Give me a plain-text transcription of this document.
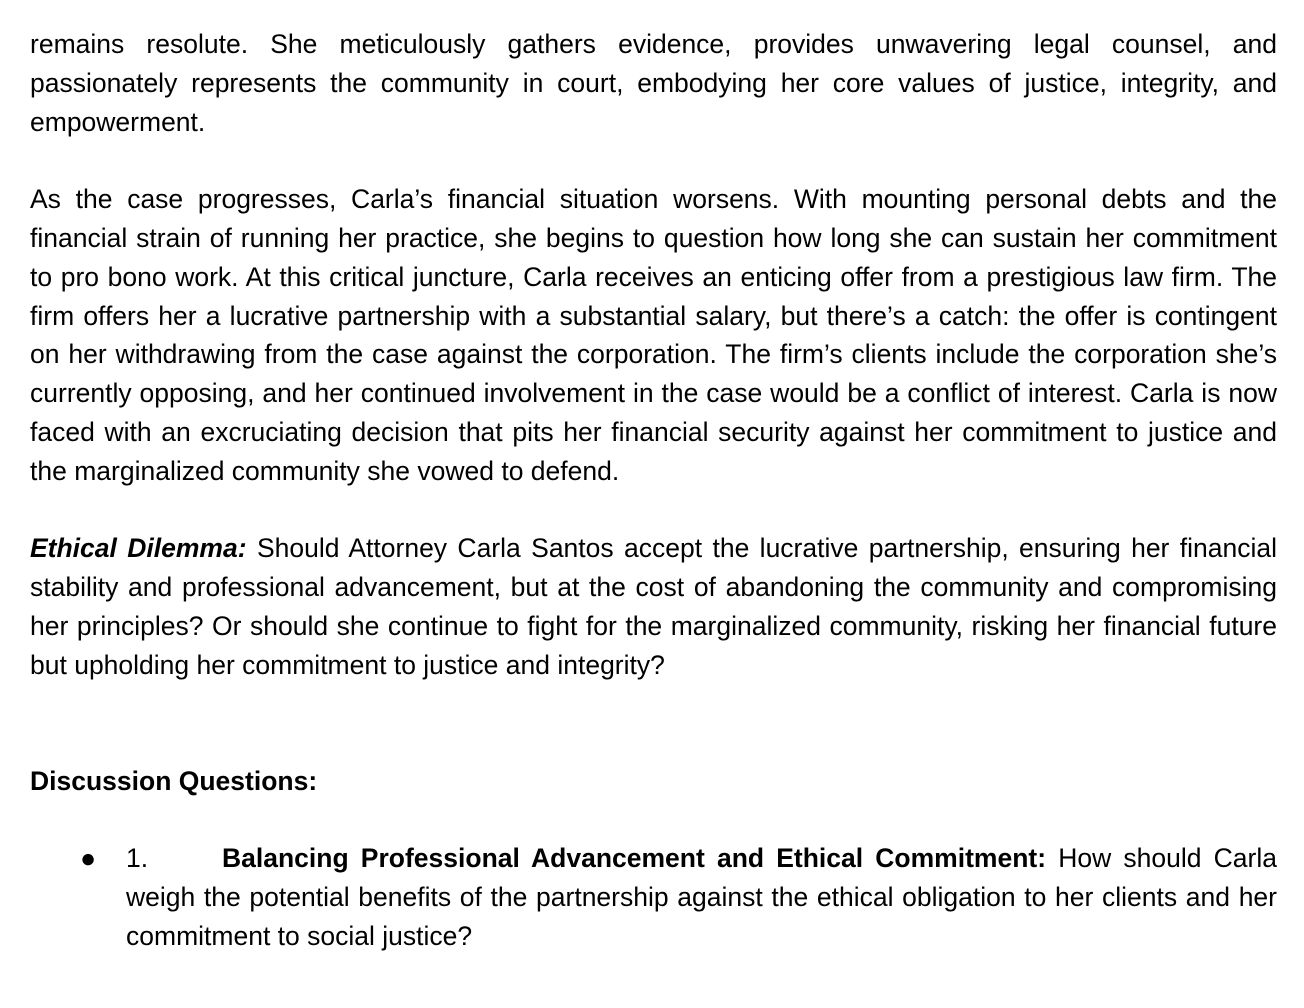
remains resolute. She meticulously gathers evidence, provides unwavering legal counsel, and passionately represents the community in court, embodying her core values of justice, integrity, and empowerment.

As the case progresses, Carla’s financial situation worsens. With mounting personal debts and the financial strain of running her practice, she begins to question how long she can sustain her commitment to pro bono work. At this critical juncture, Carla receives an enticing offer from a prestigious law firm. The firm offers her a lucrative partnership with a substantial salary, but there’s a catch: the offer is contingent on her withdrawing from the case against the corporation. The firm’s clients include the corporation she’s currently opposing, and her continued involvement in the case would be a conflict of interest. Carla is now faced with an excruciating decision that pits her financial security against her commitment to justice and the marginalized community she vowed to defend.

Ethical Dilemma: Should Attorney Carla Santos accept the lucrative partnership, ensuring her financial stability and professional advancement, but at the cost of abandoning the community and compromising her principles? Or should she continue to fight for the marginalized community, risking her financial future but upholding her commitment to justice and integrity?

Discussion Questions:
● 1.	Balancing Professional Advancement and Ethical Commitment: How should Carla weigh the potential benefits of the partnership against the ethical obligation to her clients and her commitment to social justice?
